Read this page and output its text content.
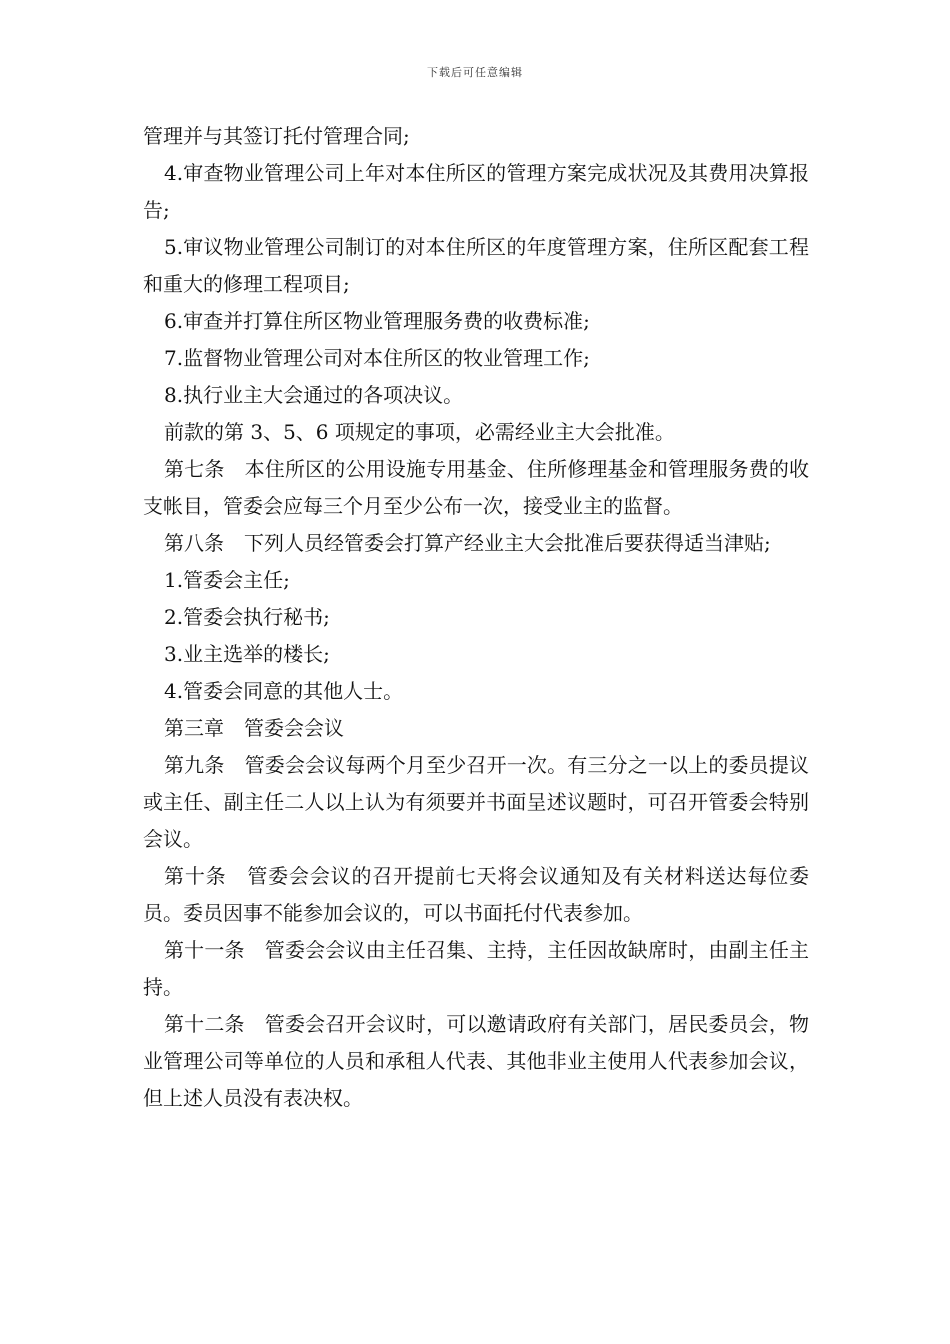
下载后可任意编辑

管理并与其签订托付管理合同;

4.审查物业管理公司上年对本住所区的管理方案完成状况及其费用决算报告;

5.审议物业管理公司制订的对本住所区的年度管理方案，住所区配套工程和重大的修理工程项目;

6.审查并打算住所区物业管理服务费的收费标准;

7.监督物业管理公司对本住所区的牧业管理工作;

8.执行业主大会通过的各项决议。

前款的第 3、5、6 项规定的事项，必需经业主大会批准。

第七条　本住所区的公用设施专用基金、住所修理基金和管理服务费的收支帐目，管委会应每三个月至少公布一次，接受业主的监督。

第八条　下列人员经管委会打算产经业主大会批准后要获得适当津贴;

1.管委会主任;

2.管委会执行秘书;

3.业主选举的楼长;

4.管委会同意的其他人士。

第三章　管委会会议

第九条　管委会会议每两个月至少召开一次。有三分之一以上的委员提议或主任、副主任二人以上认为有须要并书面呈述议题时，可召开管委会特别会议。

第十条　管委会会议的召开提前七天将会议通知及有关材料送达每位委员。委员因事不能参加会议的，可以书面托付代表参加。

第十一条　管委会会议由主任召集、主持，主任因故缺席时，由副主任主持。

第十二条　管委会召开会议时，可以邀请政府有关部门，居民委员会，物业管理公司等单位的人员和承租人代表、其他非业主使用人代表参加会议，但上述人员没有表决权。
